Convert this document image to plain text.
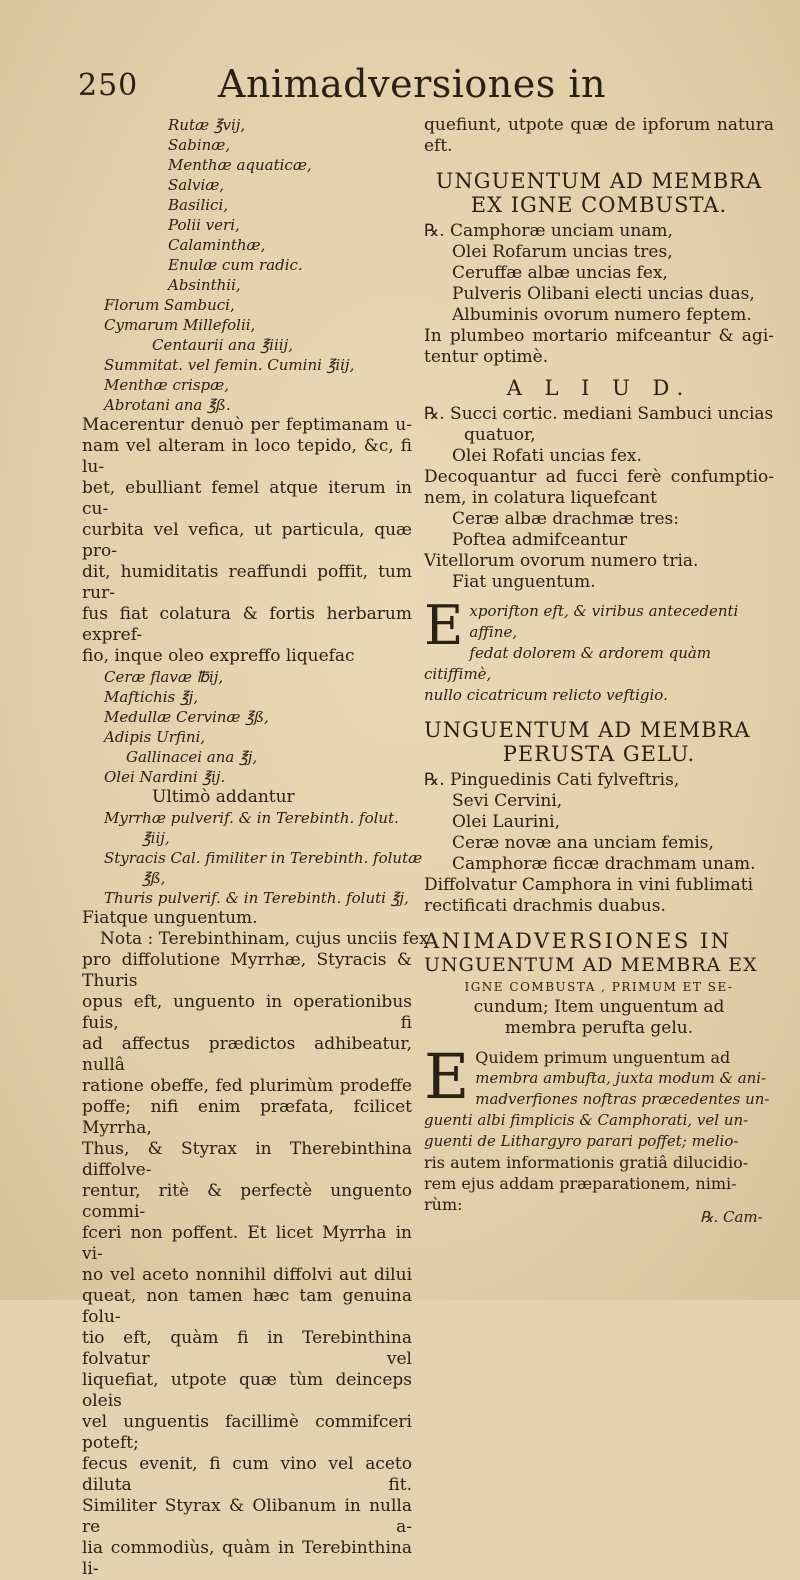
250	Animadversiones in
Rutæ ℥vij,
Sabinæ,
Menthæ aquaticæ,
Salviæ,
Basilici,
Polii veri,
Calaminthæ,
Enulæ cum radic.
Absinthii,
Florum Sambuci,
Cymarum Millefolii,
Centaurii ana ℥iiij,
Summitat. vel femin. Cumini ℥iij,
Menthæ crispæ,
Abrotani ana ℥ß.
Macerentur denuò per feptimanam u-
nam vel alteram in loco tepido, &c, fi lu-
bet, ebulliant femel atque iterum in cu-
curbita vel vefica, ut particula, quæ pro-
dit, humiditatis reaffundi poffit, tum rur-
fus fiat colatura & fortis herbarum expref-
fio, inque oleo expreffo liquefac
Ceræ flavæ ℔ij,
Maftichis ℥j,
Medullæ Cervinæ ℥ß,
Adipis Urfini,
Gallinacei ana ℥j,
Olei Nardini ℥ij.
Ultimò addantur
Myrrhæ pulverif. & in Terebinth. folut.
℥iij,
Styracis Cal. fimiliter in Terebinth. folutæ
℥ß,
Thuris pulverif. & in Terebinth. foluti ℥j,
Fiatque unguentum.
Nota : Terebinthinam, cujus unciis fex
pro diffolutione Myrrhæ, Styracis & Thuris
opus eft, unguento in operationibus fuis, fi
ad affectus prædictos adhibeatur, nullâ
ratione obeffe, fed plurimùm prodeffe
poffe; nifi enim præfata, fcilicet Myrrha,
Thus, & Styrax in Therebinthina diffolve-
rentur, ritè & perfectè unguento commi-
fceri non poffent. Et licet Myrrha in vi-
no vel aceto nonnihil diffolvi aut dilui
queat, non tamen hæc tam genuina folu-
tio eft, quàm fi in Terebinthina folvatur vel
liquefiat, utpote quæ tùm deinceps oleis
vel unguentis facillimè commifceri poteft;
fecus evenit, fi cum vino vel aceto diluta fit.
Similiter Styrax & Olibanum in nulla re a-
lia commodiùs, quàm in Terebinthina li-
quefiunt, utpote quæ de ipforum natura
eft.
UNGUENTUM AD MEMBRA
EX IGNE COMBUSTA.
℞. Camphoræ unciam unam,
Olei Rofarum uncias tres,
Ceruffæ albæ uncias fex,
Pulveris Olibani electi uncias duas,
Albuminis ovorum numero feptem.
In plumbeo mortario mifceantur & agi-
tentur optimè.
A L I U D.
℞. Succi cortic. mediani Sambuci uncias
quatuor,
Olei Rofati uncias fex.
Decoquantur ad fucci ferè confumptio-
nem, in colatura liquefcant
Ceræ albæ drachmæ tres:
Poftea admifceantur
Vitellorum ovorum numero tria.
Fiat unguentum.
E xporifton eft, & viribus antecedenti affine,
fedat dolorem & ardorem quàm citiffimè,
nullo cicatricum relicto veftigio.
UNGUENTUM AD MEMBRA
PERUSTA GELU.
℞. Pinguedinis Cati fylveftris,
Sevi Cervini,
Olei Laurini,
Ceræ novæ ana unciam femis,
Camphoræ ficcæ drachmam unam.
Diffolvatur Camphora in vini fublimati
rectificati drachmis duabus.
ANIMADVERSIONES IN
UNGUENTUM AD MEMBRA EX
IGNE COMBUSTA , PRIMUM ET SE-
cundum; Item unguentum ad
membra perufta gelu.
E Quidem primum unguentum ad
membra ambufta, juxta modum & ani-
madverfiones noftras præcedentes un-
guenti albi fimplicis & Camphorati, vel un-
guenti de Lithargyro parari poffet; melio-
ris autem informationis gratiâ dilucidio-
rem ejus addam præparationem, nimi-
rùm:
℞. Cam-
